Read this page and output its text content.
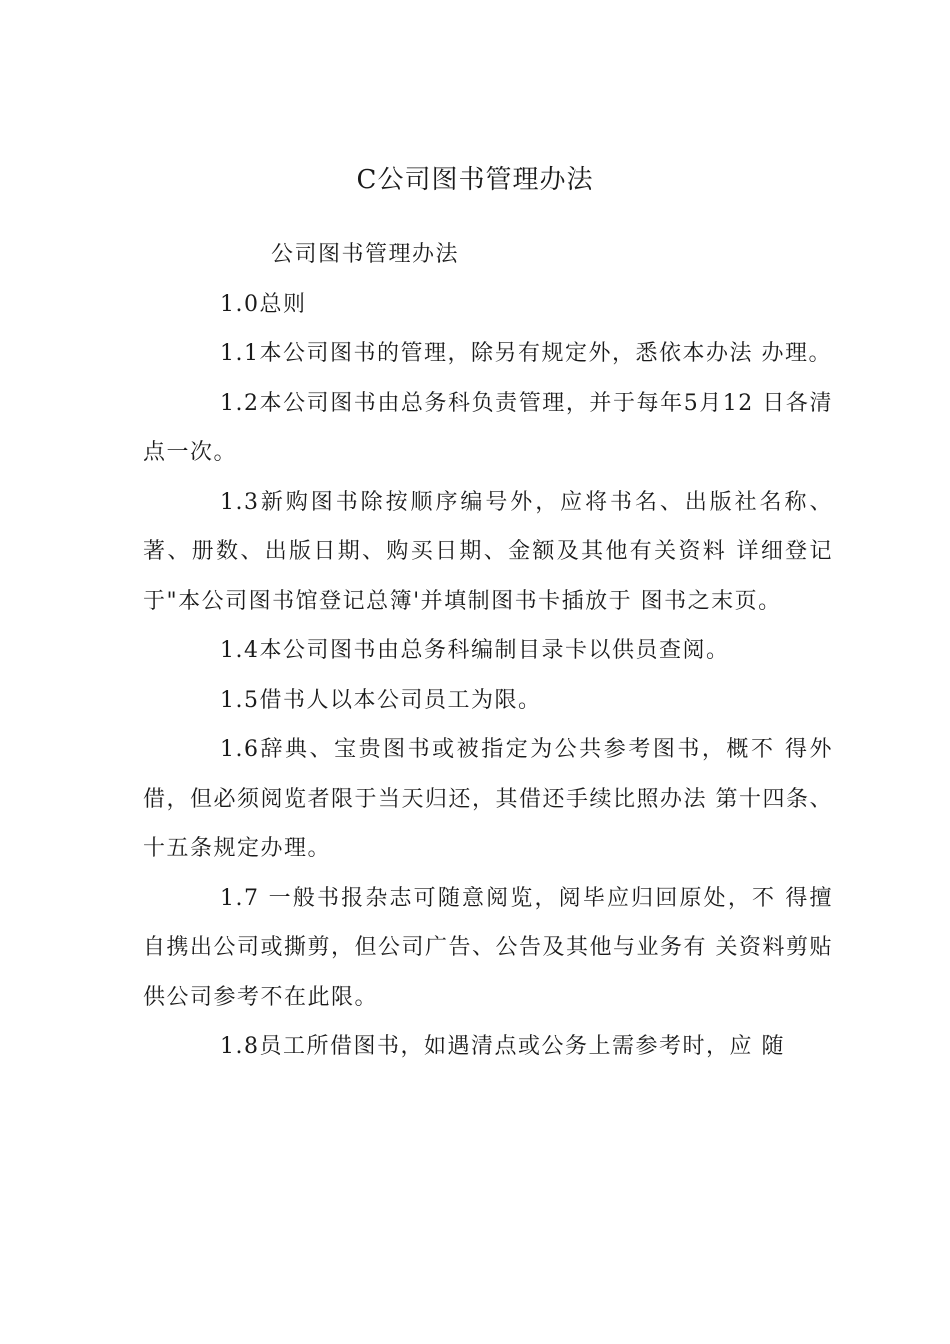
C公司图书管理办法

公司图书管理办法

1.0总则

1.1本公司图书的管理，除另有规定外，悉依本办法 办理。

1.2本公司图书由总务科负责管理，并于每年5月12 日各清点一次。

1.3新购图书除按顺序编号外，应将书名、出版社名称、著、册数、出版日期、购买日期、金额及其他有关资料 详细登记于"本公司图书馆登记总簿'并填制图书卡插放于 图书之末页。

1.4本公司图书由总务科编制目录卡以供员查阅。

1.5借书人以本公司员工为限。

1.6辞典、宝贵图书或被指定为公共参考图书，概不 得外借，但必须阅览者限于当天归还，其借还手续比照办法 第十四条、十五条规定办理。

1.7 一般书报杂志可随意阅览，阅毕应归回原处，不 得擅自携出公司或撕剪，但公司广告、公告及其他与业务有 关资料剪贴供公司参考不在此限。

1.8员工所借图书，如遇清点或公务上需参考时，应 随
